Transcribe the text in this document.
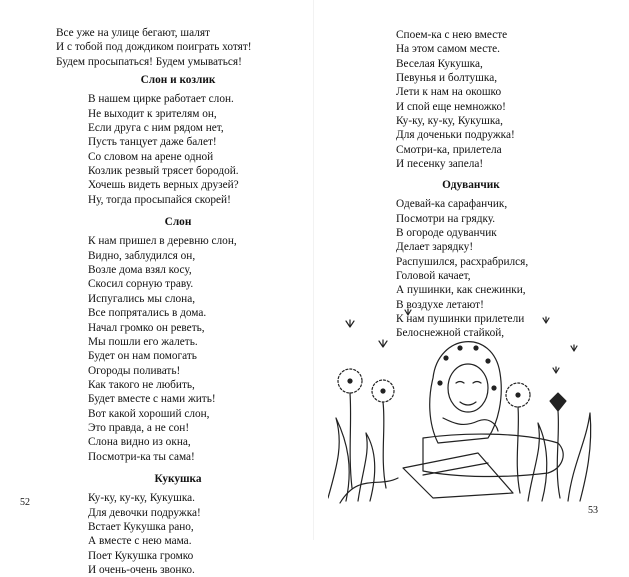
Все уже на улице бегают, шалят
И с тобой под дождиком поиграть хотят!
Будем просыпаться! Будем умываться!
Слон и козлик
В нашем цирке работает слон.
Не выходит к зрителям он,
Если друга с ним рядом нет,
Пусть танцует даже балет!
Со словом на арене одной
Козлик резвый трясет бородой.
Хочешь видеть верных друзей?
Ну, тогда просыпайся скорей!
Слон
К нам пришел в деревню слон,
Видно, заблудился он,
Возле дома взял косу,
Скосил сорную траву.
Испугались мы слона,
Все попрятались в дома.
Начал громко он реветь,
Мы пошли его жалеть.
Будет он нам помогать
Огороды поливать!
Как такого не любить,
Будет вместе с нами жить!
Вот какой хороший слон,
Это правда, а не сон!
Слона видно из окна,
Посмотри-ка ты сама!
Кукушка
Ку-ку, ку-ку, Кукушка.
Для девочки подружка!
Встает Кукушка рано,
А вместе с нею мама.
Поет Кукушка громко
И очень-очень звонко.
52
Споем-ка с нею вместе
На этом самом месте.
Веселая Кукушка,
Певунья и болтушка,
Лети к нам на окошко
И спой еще немножко!
Ку-ку, ку-ку, Кукушка,
Для доченьки подружка!
Смотри-ка, прилетела
И песенку запела!
Одуванчик
Одевай-ка сарафанчик,
Посмотри на грядку.
В огороде одуванчик
Делает зарядку!
Распушился, расхрабрился,
Головой качает,
А пушинки, как снежинки,
В воздухе летают!
К нам пушинки прилетели
Белоснежной стайкой,
53
